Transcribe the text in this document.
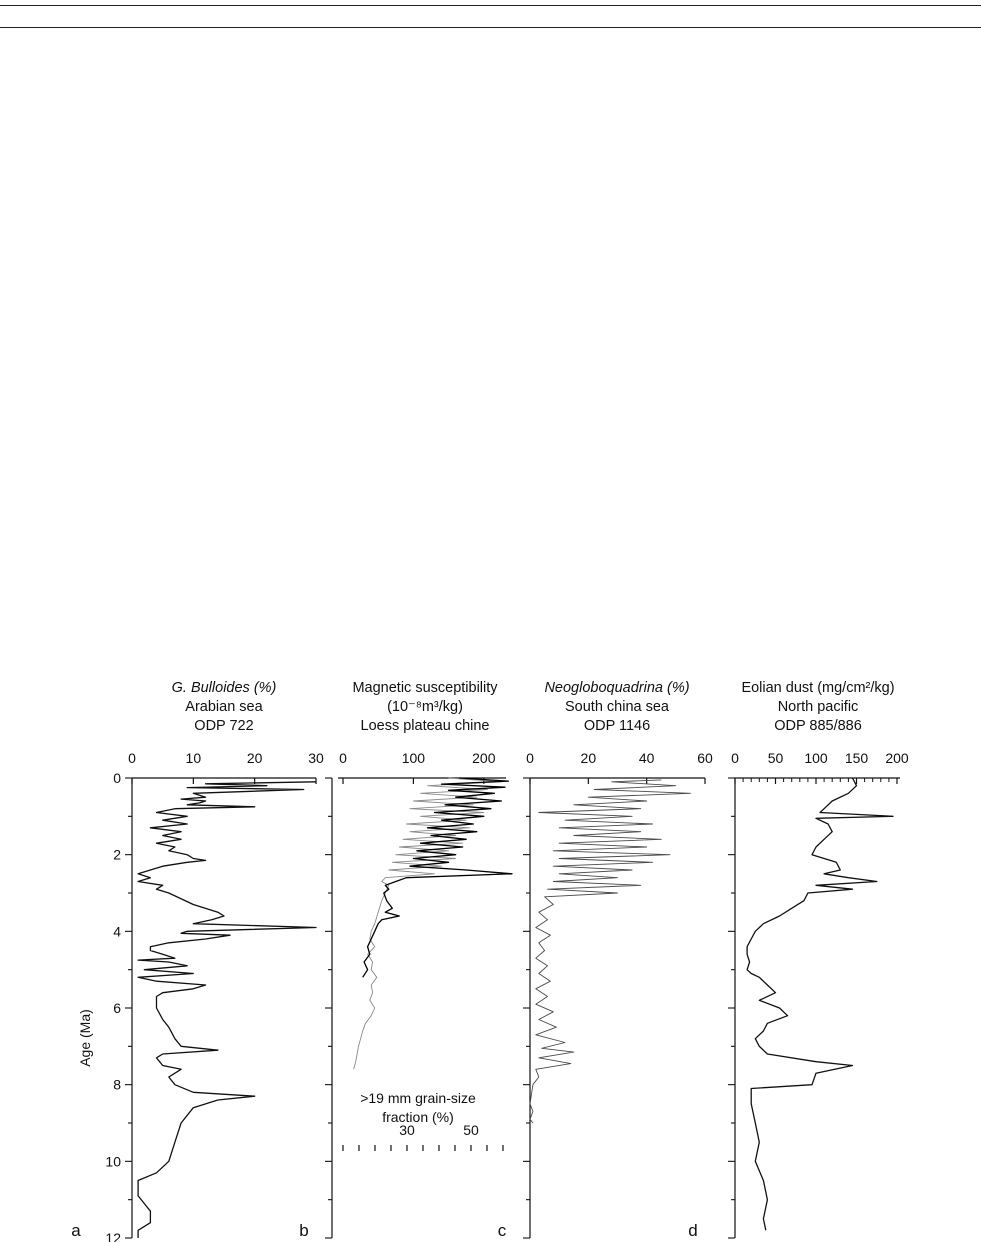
G. Bulloides (%)
Arabian sea
ODP 722
0	10	20	30
0
2
4
6
8
10
12
a
Magnetic susceptibility
(10⁻⁸m³/kg)
Loess plateau chine
0	100	200
b
>19 mm grain-size
fraction (%)
30	50
Neogloboquadrina (%)
South china sea
ODP 1146
0	20	40	60
c
Eolian dust (mg/cm²/kg)
North pacific
ODP 885/886
0 50 100 150 200
d
Age (Ma)
